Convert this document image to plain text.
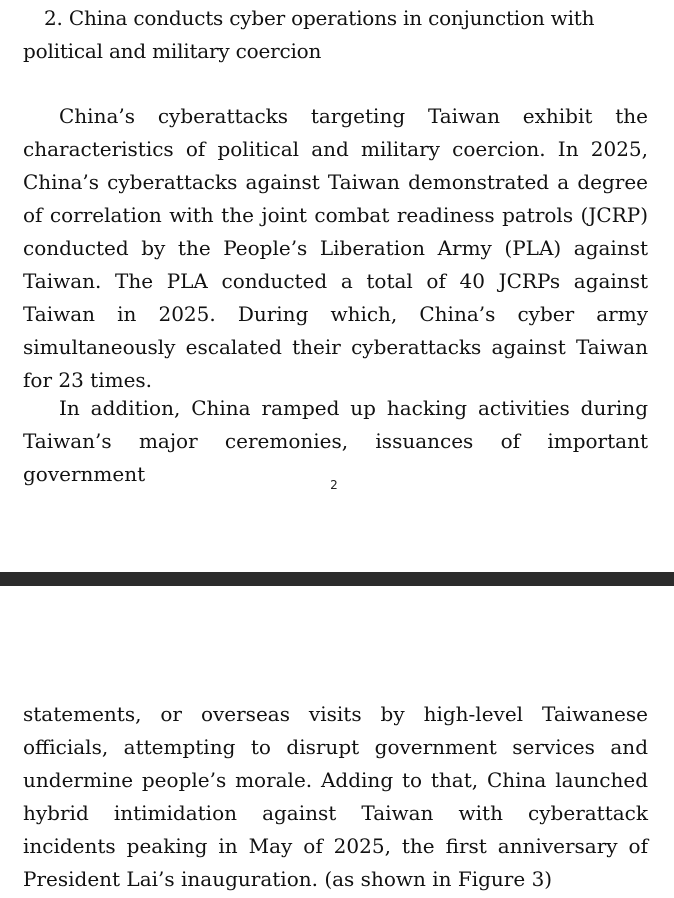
2. China conducts cyber operations in conjunction with political and military coercion

China’s cyberattacks targeting Taiwan exhibit the characteristics of political and military coercion. In 2025, China’s cyberattacks against Taiwan demonstrated a degree of correlation with the joint combat readiness patrols (JCRP) conducted by the People’s Liberation Army (PLA) against Taiwan. The PLA conducted a total of 40 JCRPs against Taiwan in 2025. During which, China’s cyber army simultaneously escalated their cyberattacks against Taiwan for 23 times.

In addition, China ramped up hacking activities during Taiwan’s major ceremonies, issuances of important government	2

statements, or overseas visits by high-level Taiwanese officials, attempting to disrupt government services and undermine people’s morale. Adding to that, China launched hybrid intimidation against Taiwan with cyberattack incidents peaking in May of 2025, the first anniversary of President Lai’s inauguration. (as shown in Figure 3)
